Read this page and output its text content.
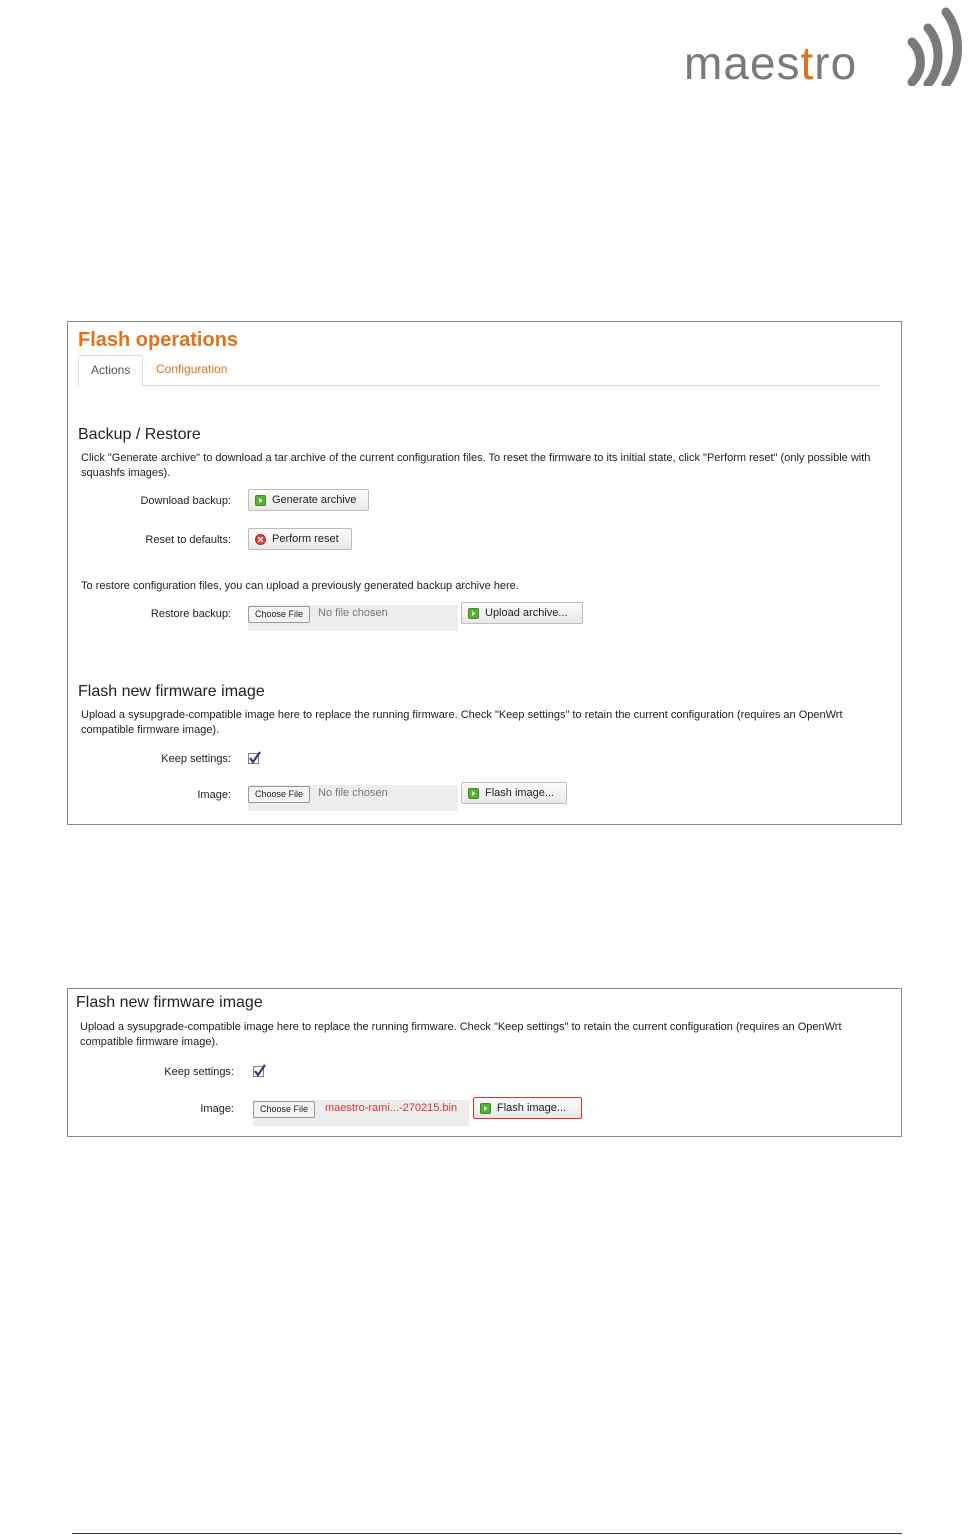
maestro
Flash operations
Actions	Configuration
Backup / Restore

Click "Generate archive" to download a tar archive of the current configuration files. To reset the firmware to its initial state, click "Perform reset" (only possible with squashfs images).

Download backup:	Generate archive
Reset to defaults:	Perform reset

To restore configuration files, you can upload a previously generated backup archive here.

Restore backup:	Choose File	No file chosen	Upload archive...
Flash new firmware image

Upload a sysupgrade-compatible image here to replace the running firmware. Check "Keep settings" to retain the current configuration (requires an OpenWrt compatible firmware image).

Keep settings:
Image:	Choose File	No file chosen	Flash image...
Flash new firmware image

Upload a sysupgrade-compatible image here to replace the running firmware. Check "Keep settings" to retain the current configuration (requires an OpenWrt compatible firmware image).

Keep settings:
Image:	Choose File	maestro-rami...-270215.bin	Flash image...
